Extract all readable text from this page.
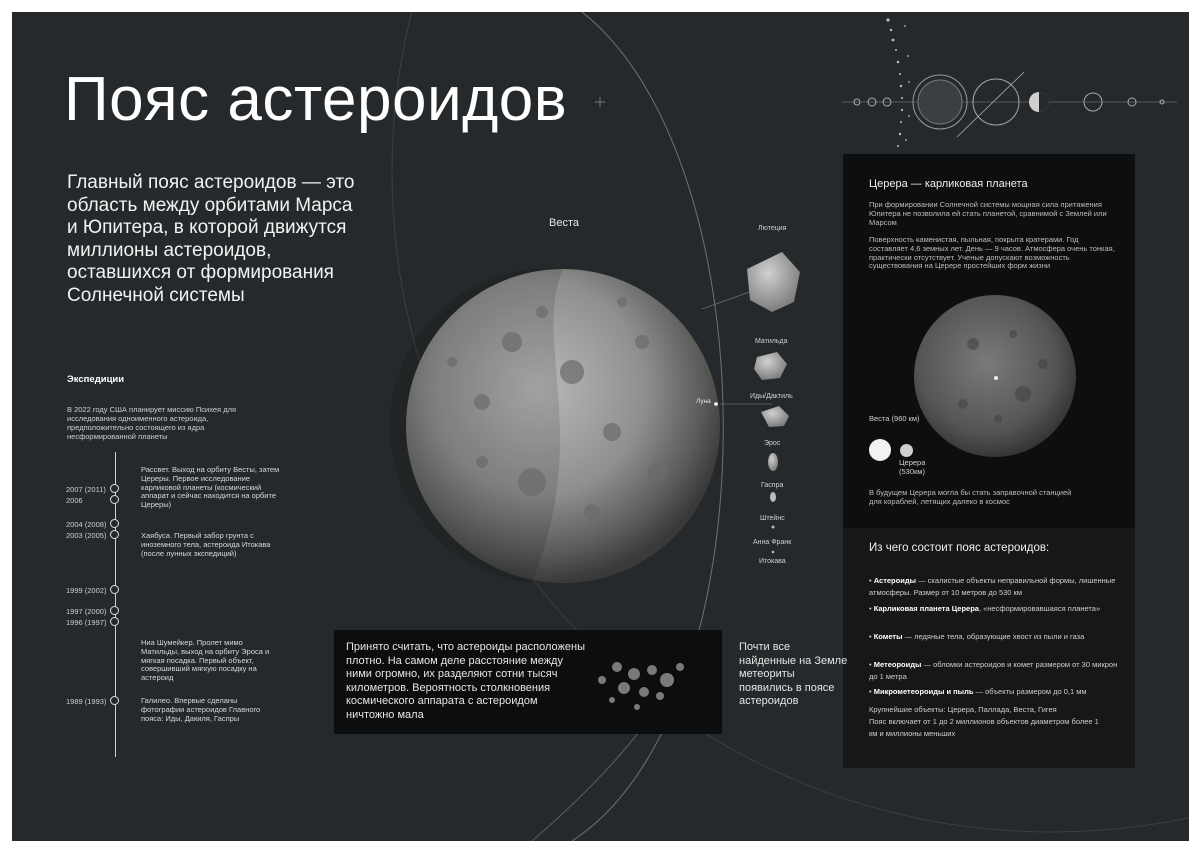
Пояс астероидов
Главный пояс астероидов — это область между орбитами Марса и Юпитера, в которой движутся миллионы астероидов, оставшихся от формирования Солнечной системы
Экспедиции
В 2022 году США планирует миссию Психея для исследования одноименного астероида, предположительно состоящего из ядра несформированной планеты
2007 (2011)
2006
2004 (2008)
2003 (2005)
1999 (2002)
1997 (2000)
1996 (1997)
1989 (1993)
Рассвет. Выход на орбиту Весты, затем Цереры. Первое исследование карликовой планеты (космический аппарат и сейчас находится на орбите Цереры)
Хаябуса. Первый забор грунта с иноземного тела, астероида Итокава (после лунных экспедиций)
Ниа Шумейкер. Пролет мимо Матильды, выход на орбиту Эроса и мягкая посадка. Первый объект, совершивший мягкую посадку на астероид
Галилео. Впервые сделаны фотографии астероидов Главного пояса: Иды, Дакиля, Гаспры
Веста
Луна
Лютеция
Матильда
Иды/Дактиль
Эрос
Гаспра
Штейнс
Анна Франк
Итокава
Церера — карликовая планета
При формировании Солнечной системы мощная сила притяжения Юпитера не позволила ей стать планетой, сравнимой с Землей или Марсом
Поверхность каменистая, пыльная, покрыта кратерами. Год составляет 4,6 земных лет. День — 9 часов. Атмосфера очень тонкая, практически отсутствует. Ученые допускают возможность существования на Церере простейших форм жизни
Веста (960 км)
Церера (530км)
В будущем Церера могла бы стать заправочной станцией для кораблей, летящих далеко в космос
Из чего состоит пояс астероидов:
• Астероиды — скалистые объекты неправильной формы, лишенные атмосферы. Размер от 10 метров до 530 км
• Карликовая планета Церера, «несформировавшаяся планета»
• Кометы — ледяные тела, образующие хвост из пыли и газа
• Метеороиды — обломки астероидов и комет размером от 30 микрон до 1 метра
• Микрометеороиды и пыль — объекты размером до 0,1 мм
Крупнейшие объекты: Церера, Паллада, Веста, Гигея
Пояс включает от 1 до 2 миллионов объектов диаметром более 1 км и миллионы меньших
Принято считать, что астероиды расположены плотно. На самом деле расстояние между ними огромно, их разделяют сотни тысяч километров. Вероятность столкновения космического аппарата с астероидом ничтожно мала
Почти все найденные на Земле метеориты появились в поясе астероидов
